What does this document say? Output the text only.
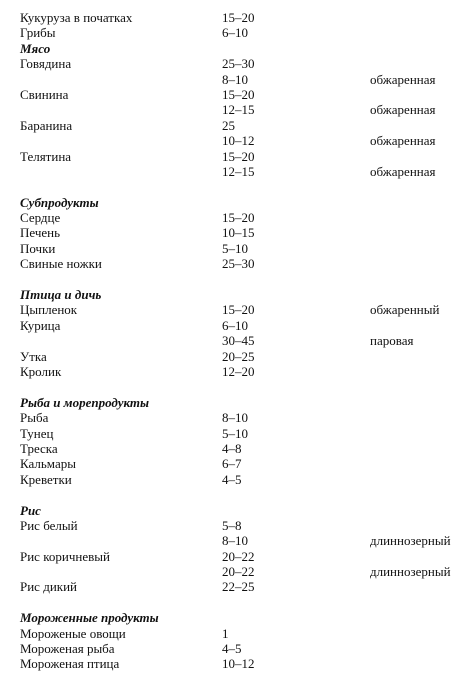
Кукуруза в початках	15–20
Грибы	6–10
Мясо
Говядина	25–30
8–10	обжаренная
Свинина	15–20
12–15	обжаренная
Баранина	25
10–12	обжаренная
Телятина	15–20
12–15	обжаренная
Субпродукты
Сердце	15–20
Печень	10–15
Почки	5–10
Свиные ножки	25–30
Птица и дичь
Цыпленок	15–20	обжаренный
Курица	6–10
30–45	паровая
Утка	20–25
Кролик	12–20
Рыба и морепродукты
Рыба	8–10
Тунец	5–10
Треска	4–8
Кальмары	6–7
Креветки	4–5
Рис
Рис белый	5–8
8–10	длиннозерный
Рис коричневый	20–22
20–22	длиннозерный
Рис дикий	22–25
Мороженные продукты
Мороженые овощи	1
Мороженая рыба	4–5
Мороженая птица	10–12
